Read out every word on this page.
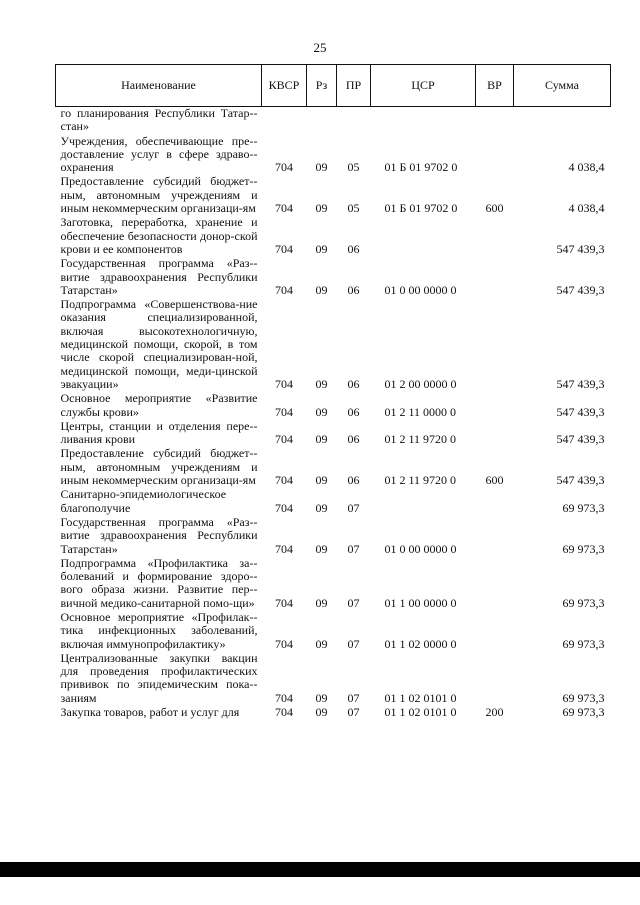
25
Наименование	КВСР	Рз	ПР	ЦСР	ВР	Сумма
го планирования Республики Татар-стан»						
Учреждения, обеспечивающие пре-доставление услуг в сфере здраво-охранения	704	09	05	01 Б 01 9702 0		4 038,4
Предоставление субсидий бюджет-ным, автономным учреждениям и иным некоммерческим организаци-ям	704	09	05	01 Б 01 9702 0	600	4 038,4
Заготовка, переработка, хранение и обеспечение безопасности донор-ской крови и ее компонентов	704	09	06			547 439,3
Государственная программа «Раз-витие здравоохранения Республики Татарстан»	704	09	06	01 0 00 0000 0		547 439,3
Подпрограмма «Совершенствова-ние оказания специализированной, включая высокотехнологичную, медицинской помощи, скорой, в том числе скорой специализирован-ной, медицинской помощи, меди-цинской эвакуации»	704	09	06	01 2 00 0000 0		547 439,3
Основное мероприятие «Развитие службы крови»	704	09	06	01 2 11 0000 0		547 439,3
Центры, станции и отделения пере-ливания крови	704	09	06	01 2 11 9720 0		547 439,3
Предоставление субсидий бюджет-ным, автономным учреждениям и иным некоммерческим организаци-ям	704	09	06	01 2 11 9720 0	600	547 439,3
Санитарно-эпидемиологическое благополучие	704	09	07			69 973,3
Государственная программа «Раз-витие здравоохранения Республики Татарстан»	704	09	07	01 0 00 0000 0		69 973,3
Подпрограмма «Профилактика за-болеваний и формирование здоро-вого образа жизни. Развитие пер-вичной медико-санитарной помо-щи»	704	09	07	01 1 00 0000 0		69 973,3
Основное мероприятие «Профилак-тика инфекционных заболеваний, включая иммунопрофилактику»	704	09	07	01 1 02 0000 0		69 973,3
Централизованные закупки вакцин для проведения профилактических прививок по эпидемическим пока-заниям	704	09	07	01 1 02 0101 0		69 973,3
Закупка товаров, работ и услуг для	704	09	07	01 1 02 0101 0	200	69 973,3
